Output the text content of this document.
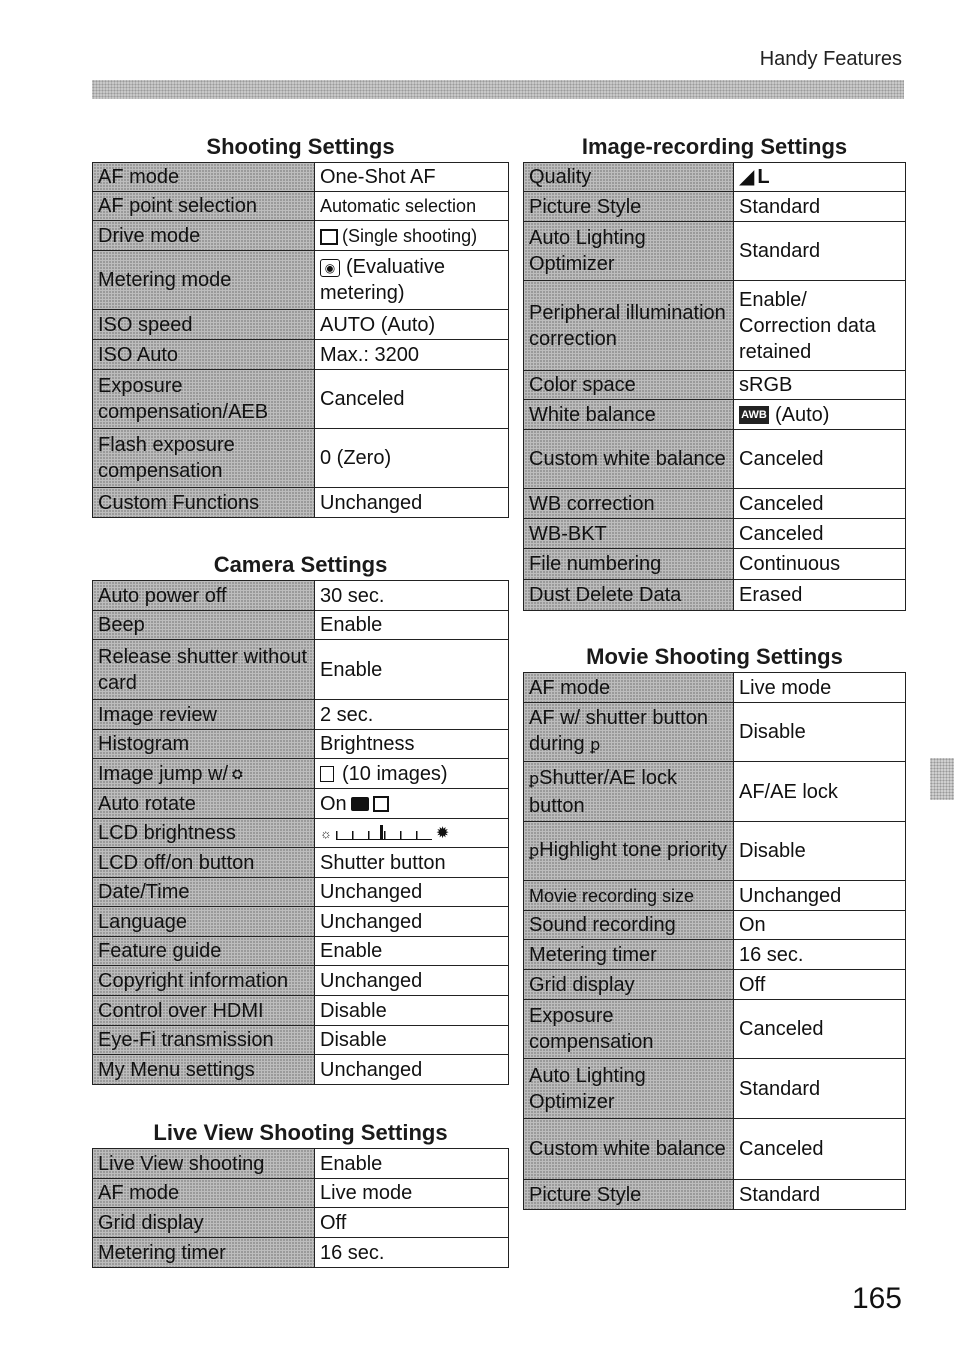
Handy Features
Shooting Settings
AF mode	One-Shot AF
AF point selection	Automatic selection
Drive mode	(Single shooting)
Metering mode	◉ (Evaluative metering)
ISO speed	AUTO (Auto)
ISO Auto	Max.: 3200
Exposure compensation/AEB	Canceled
Flash exposure compensation	0 (Zero)
Custom Functions	Unchanged
Camera Settings
Auto power off	30 sec.
Beep	Enable
Release shutter without card	Enable
Image review	2 sec.
Histogram	Brightness
Image jump w/ ⛭	(10 images)
Auto rotate	On
LCD brightness	☼ ✹

LCD off/on button	Shutter button
Date/Time	Unchanged
Language	Unchanged
Feature guide	Enable
Copyright information	Unchanged
Control over HDMI	Disable
Eye-Fi transmission	Disable
My Menu settings	Unchanged
Live View Shooting Settings
Live View shooting	Enable
AF mode	Live mode
Grid display	Off
Metering timer	16 sec.
Image-recording Settings
Quality	◢ L
Picture Style	Standard
Auto Lighting Optimizer	Standard
Peripheral illumination correction	Enable/ Correction data retained
Color space	sRGB
White balance	AWB (Auto)
Custom white balance	Canceled
WB correction	Canceled
WB-BKT	Canceled
File numbering	Continuous
Dust Delete Data	Erased
Movie Shooting Settings
AF mode	Live mode
AF w/ shutter button during ꝑ	Disable
ꝑShutter/AE lock button	AF/AE lock
ꝑHighlight tone priority	Disable
Movie recording size	Unchanged
Sound recording	On
Metering timer	16 sec.
Grid display	Off
Exposure compensation	Canceled
Auto Lighting Optimizer	Standard
Custom white balance	Canceled
Picture Style	Standard
165
